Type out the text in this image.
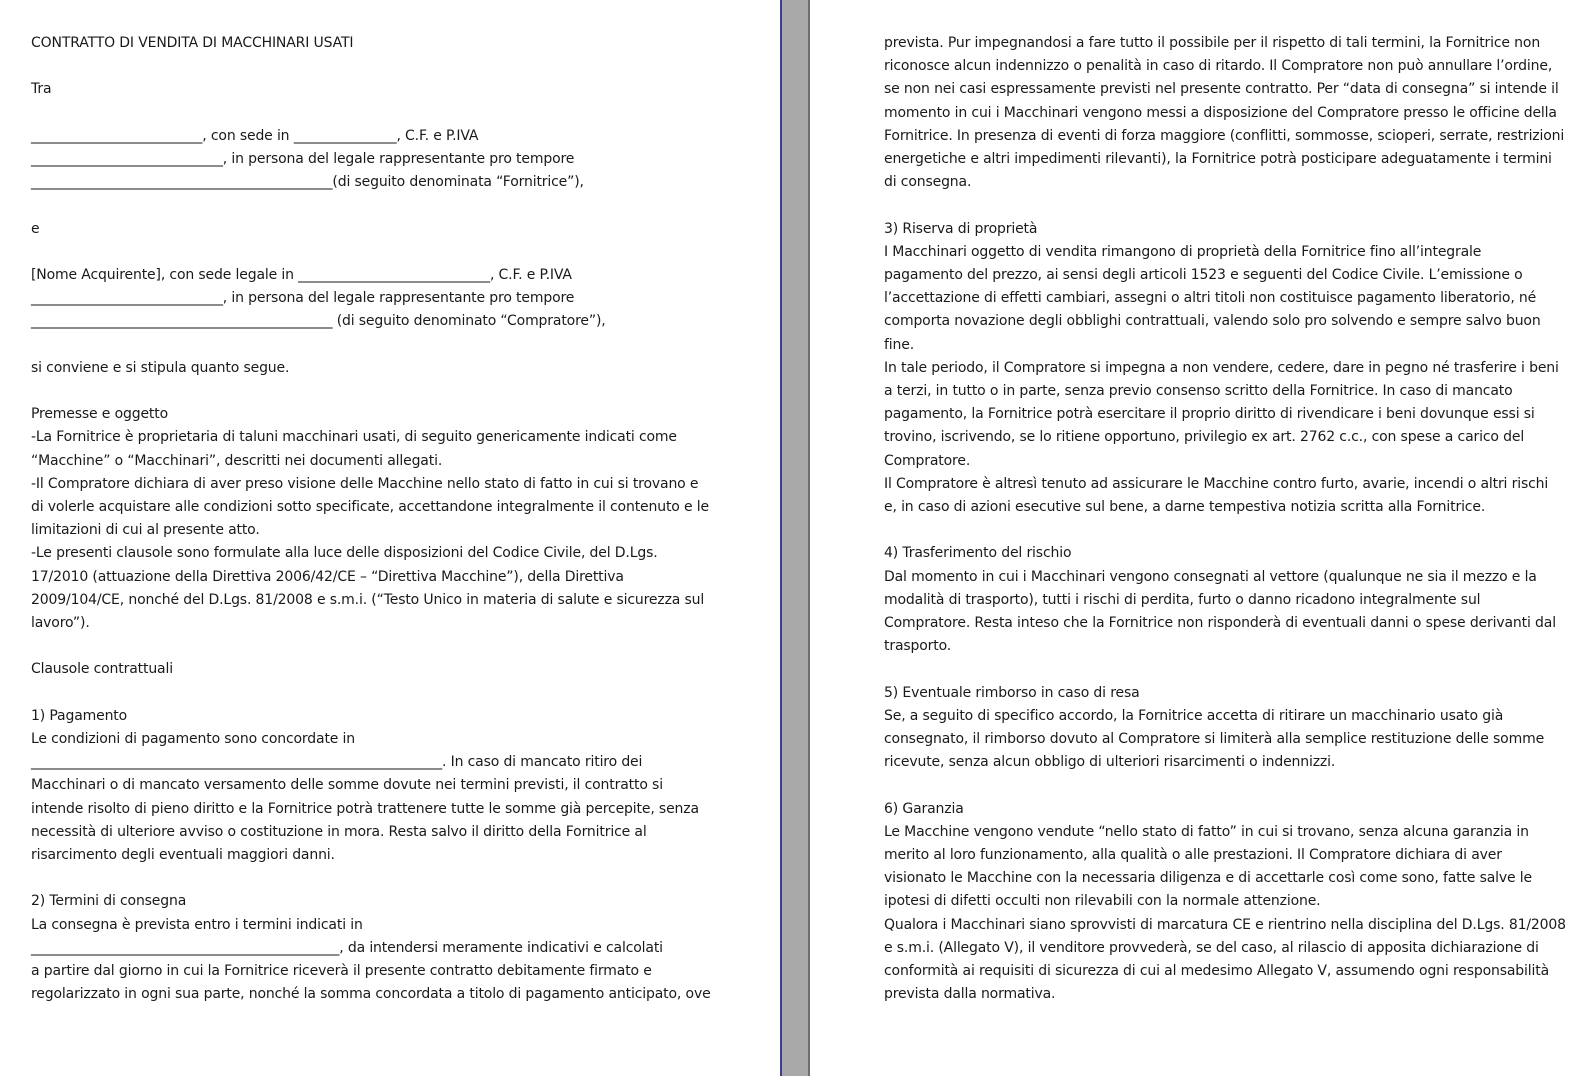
CONTRATTO DI VENDITA DI MACCHINARI USATI
Tra
_________________________, con sede in _______________, C.F. e P.IVA
____________________________, in persona del legale rappresentante pro tempore
____________________________________________(di seguito denominata “Fornitrice”),
e
[Nome Acquirente], con sede legale in ____________________________, C.F. e P.IVA
____________________________, in persona del legale rappresentante pro tempore
____________________________________________ (di seguito denominato “Compratore”),
si conviene e si stipula quanto segue.
Premesse e oggetto
-La Fornitrice è proprietaria di taluni macchinari usati, di seguito genericamente indicati come
“Macchine” o “Macchinari”, descritti nei documenti allegati.
-Il Compratore dichiara di aver preso visione delle Macchine nello stato di fatto in cui si trovano e
di volerle acquistare alle condizioni sotto specificate, accettandone integralmente il contenuto e le
limitazioni di cui al presente atto.
-Le presenti clausole sono formulate alla luce delle disposizioni del Codice Civile, del D.Lgs.
17/2010 (attuazione della Direttiva 2006/42/CE – “Direttiva Macchine”), della Direttiva
2009/104/CE, nonché del D.Lgs. 81/2008 e s.m.i. (“Testo Unico in materia di salute e sicurezza sul
lavoro”).
Clausole contrattuali
1) Pagamento
Le condizioni di pagamento sono concordate in
____________________________________________________________. In caso di mancato ritiro dei
Macchinari o di mancato versamento delle somme dovute nei termini previsti, il contratto si
intende risolto di pieno diritto e la Fornitrice potrà trattenere tutte le somme già percepite, senza
necessità di ulteriore avviso o costituzione in mora. Resta salvo il diritto della Fornitrice al
risarcimento degli eventuali maggiori danni.
2) Termini di consegna
La consegna è prevista entro i termini indicati in
_____________________________________________, da intendersi meramente indicativi e calcolati
a partire dal giorno in cui la Fornitrice riceverà il presente contratto debitamente firmato e
regolarizzato in ogni sua parte, nonché la somma concordata a titolo di pagamento anticipato, ove
prevista. Pur impegnandosi a fare tutto il possibile per il rispetto di tali termini, la Fornitrice non
riconosce alcun indennizzo o penalità in caso di ritardo. Il Compratore non può annullare l’ordine,
se non nei casi espressamente previsti nel presente contratto. Per “data di consegna” si intende il
momento in cui i Macchinari vengono messi a disposizione del Compratore presso le officine della
Fornitrice. In presenza di eventi di forza maggiore (conflitti, sommosse, scioperi, serrate, restrizioni
energetiche e altri impedimenti rilevanti), la Fornitrice potrà posticipare adeguatamente i termini
di consegna.
3) Riserva di proprietà
I Macchinari oggetto di vendita rimangono di proprietà della Fornitrice fino all’integrale
pagamento del prezzo, ai sensi degli articoli 1523 e seguenti del Codice Civile. L’emissione o
l’accettazione di effetti cambiari, assegni o altri titoli non costituisce pagamento liberatorio, né
comporta novazione degli obblighi contrattuali, valendo solo pro solvendo e sempre salvo buon
fine.
In tale periodo, il Compratore si impegna a non vendere, cedere, dare in pegno né trasferire i beni
a terzi, in tutto o in parte, senza previo consenso scritto della Fornitrice. In caso di mancato
pagamento, la Fornitrice potrà esercitare il proprio diritto di rivendicare i beni dovunque essi si
trovino, iscrivendo, se lo ritiene opportuno, privilegio ex art. 2762 c.c., con spese a carico del
Compratore.
Il Compratore è altresì tenuto ad assicurare le Macchine contro furto, avarie, incendi o altri rischi
e, in caso di azioni esecutive sul bene, a darne tempestiva notizia scritta alla Fornitrice.
4) Trasferimento del rischio
Dal momento in cui i Macchinari vengono consegnati al vettore (qualunque ne sia il mezzo e la
modalità di trasporto), tutti i rischi di perdita, furto o danno ricadono integralmente sul
Compratore. Resta inteso che la Fornitrice non risponderà di eventuali danni o spese derivanti dal
trasporto.
5) Eventuale rimborso in caso di resa
Se, a seguito di specifico accordo, la Fornitrice accetta di ritirare un macchinario usato già
consegnato, il rimborso dovuto al Compratore si limiterà alla semplice restituzione delle somme
ricevute, senza alcun obbligo di ulteriori risarcimenti o indennizzi.
6) Garanzia
Le Macchine vengono vendute “nello stato di fatto” in cui si trovano, senza alcuna garanzia in
merito al loro funzionamento, alla qualità o alle prestazioni. Il Compratore dichiara di aver
visionato le Macchine con la necessaria diligenza e di accettarle così come sono, fatte salve le
ipotesi di difetti occulti non rilevabili con la normale attenzione.
Qualora i Macchinari siano sprovvisti di marcatura CE e rientrino nella disciplina del D.Lgs. 81/2008
e s.m.i. (Allegato V), il venditore provvederà, se del caso, al rilascio di apposita dichiarazione di
conformità ai requisiti di sicurezza di cui al medesimo Allegato V, assumendo ogni responsabilità
prevista dalla normativa.
